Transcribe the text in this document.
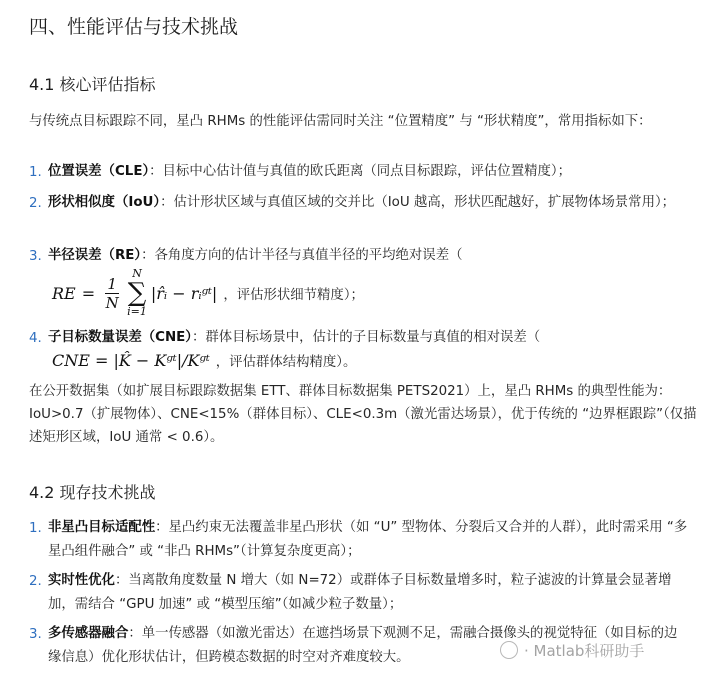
四、性能评估与技术挑战
4.1 核心评估指标
与传统点目标跟踪不同，星凸 RHMs 的性能评估需同时关注 “位置精度” 与 “形状精度”，常用指标如下：
1. 位置误差（CLE）：目标中心估计值与真值的欧氏距离（同点目标跟踪，评估位置精度）；
2. 形状相似度（IoU）：估计形状区域与真值区域的交并比（IoU 越高，形状匹配越好，扩展物体场景常用）；
3. 半径误差（RE）：各角度方向的估计半径与真值半径的平均绝对误差（
RE = $\frac{1}{N}$
N
∑
i=1
|r̂ᵢ − rᵢᵍᵗ| ，评估形状细节精度）；
4. 子目标数量误差（CNE）：群体目标场景中，估计的子目标数量与真值的相对误差（
CNE = |K̂ − Kᵍᵗ|/Kᵍᵗ ，评估群体结构精度）。
在公开数据集（如扩展目标跟踪数据集 ETT、群体目标数据集 PETS2021）上，星凸 RHMs 的典型性能为：IoU>0.7（扩展物体）、CNE<15%（群体目标）、CLE<0.3m（激光雷达场景），优于传统的 “边界框跟踪”（仅描述矩形区域，IoU 通常 < 0.6）。
4.2 现存技术挑战
1. 非星凸目标适配性：星凸约束无法覆盖非星凸形状（如 “U” 型物体、分裂后又合并的人群），此时需采用 “多星凸组件融合” 或 “非凸 RHMs”（计算复杂度更高）；
2. 实时性优化：当离散角度数量 N 增大（如 N=72）或群体子目标数量增多时，粒子滤波的计算量会显著增加，需结合 “GPU 加速” 或 “模型压缩”（如减少粒子数量）；
3. 多传感器融合：单一传感器（如激光雷达）在遮挡场景下观测不足，需融合摄像头的视觉特征（如目标的边缘信息）优化形状估计，但跨模态数据的时空对齐难度较大。	· Matlab科研助手
